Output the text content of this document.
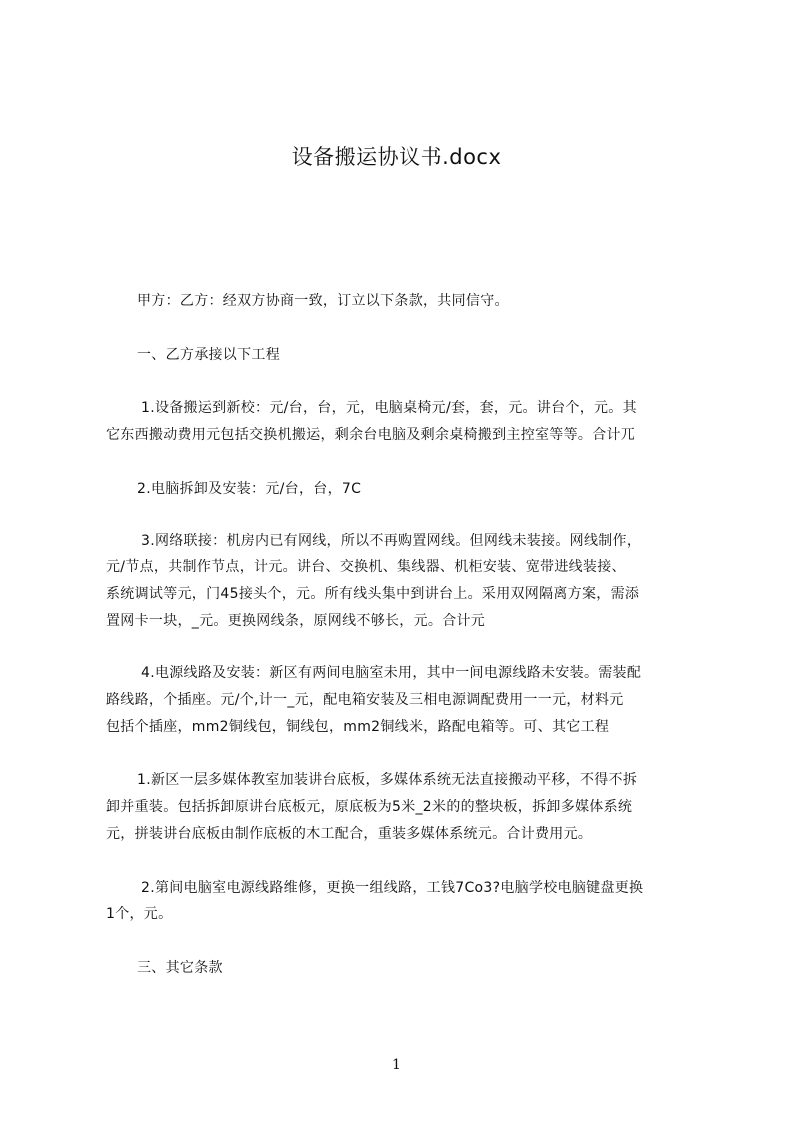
设备搬运协议书.docx
甲方：乙方：经双方协商一致，订立以下条款，共同信守。
一、乙方承接以下工程
1.设备搬运到新校：元/台，台，元，电脑桌椅元/套，套，元。讲台个，元。其
它东西搬动费用元包括交换机搬运，剩余台电脑及剩余桌椅搬到主控室等等。合计兀
2.电脑拆卸及安装：元/台，台，7C
3.网络联接：机房内已有网线，所以不再购置网线。但网线未装接。网线制作，
元/节点，共制作节点，计元。讲台、交换机、集线器、机柜安装、宽带进线装接、
系统调试等元，门45接头个，元。所有线头集中到讲台上。采用双网隔离方案，需添
置网卡一块，_元。更换网线条，原网线不够长，元。合计元
4.电源线路及安装：新区有两间电脑室未用，其中一间电源线路未安装。需装配
路线路，个插座。元/个,计一_元，配电箱安装及三相电源调配费用一一元，材料元
包括个插座，mm2铜线包，铜线包，mm2铜线米，路配电箱等。可、其它工程
1.新区一层多媒体教室加装讲台底板，多媒体系统无法直接搬动平移，不得不拆
卸并重装。包括拆卸原讲台底板元，原底板为5米_2米的的整块板，拆卸多媒体系统
元，拼装讲台底板由制作底板的木工配合，重装多媒体系统元。合计费用元。
2.第间电脑室电源线路维修，更换一组线路，工钱7Co3?电脑学校电脑键盘更换
1个，元。
三、其它条款
1
